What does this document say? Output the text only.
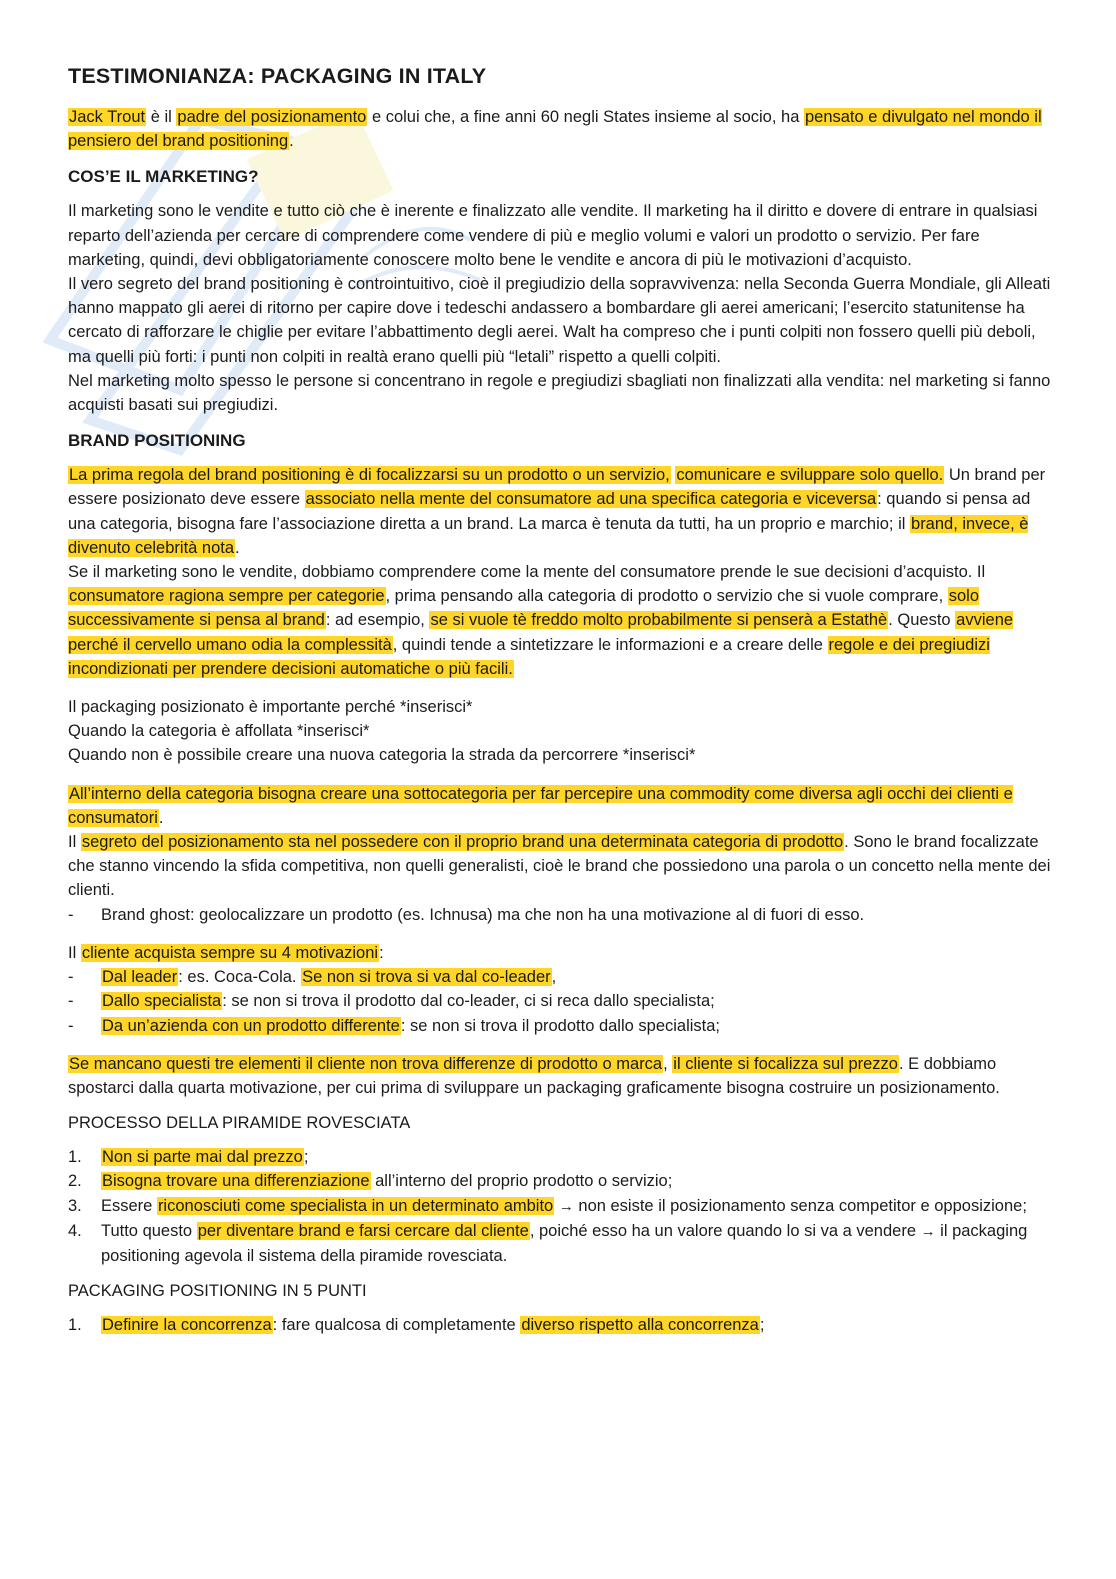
TESTIMONIANZA: PACKAGING IN ITALY

Jack Trout è il padre del posizionamento e colui che, a fine anni 60 negli States insieme al socio, ha pensato e divulgato nel mondo il pensiero del brand positioning.

COS’E IL MARKETING?

Il marketing sono le vendite e tutto ciò che è inerente e finalizzato alle vendite. Il marketing ha il diritto e dovere di entrare in qualsiasi reparto dell’azienda per cercare di comprendere come vendere di più e meglio volumi e valori un prodotto o servizio. Per fare marketing, quindi, devi obbligatoriamente conoscere molto bene le vendite e ancora di più le motivazioni d’acquisto.

Il vero segreto del brand positioning è controintuitivo, cioè il pregiudizio della sopravvivenza: nella Seconda Guerra Mondiale, gli Alleati hanno mappato gli aerei di ritorno per capire dove i tedeschi andassero a bombardare gli aerei americani; l’esercito statunitense ha cercato di rafforzare le chiglie per evitare l’abbattimento degli aerei. Walt ha compreso che i punti colpiti non fossero quelli più deboli, ma quelli più forti: i punti non colpiti in realtà erano quelli più “letali” rispetto a quelli colpiti.

Nel marketing molto spesso le persone si concentrano in regole e pregiudizi sbagliati non finalizzati alla vendita: nel marketing si fanno acquisti basati sui pregiudizi.

BRAND POSITIONING

La prima regola del brand positioning è di focalizzarsi su un prodotto o un servizio, comunicare e sviluppare solo quello. Un brand per essere posizionato deve essere associato nella mente del consumatore ad una specifica categoria e viceversa: quando si pensa ad una categoria, bisogna fare l’associazione diretta a un brand. La marca è tenuta da tutti, ha un proprio e marchio; il brand, invece, è divenuto celebrità nota.

Se il marketing sono le vendite, dobbiamo comprendere come la mente del consumatore prende le sue decisioni d’acquisto. Il consumatore ragiona sempre per categorie, prima pensando alla categoria di prodotto o servizio che si vuole comprare, solo successivamente si pensa al brand: ad esempio, se si vuole tè freddo molto probabilmente si penserà a Estathè. Questo avviene perché il cervello umano odia la complessità, quindi tende a sintetizzare le informazioni e a creare delle regole e dei pregiudizi incondizionati per prendere decisioni automatiche o più facili.

Il packaging posizionato è importante perché *inserisci*

Quando la categoria è affollata *inserisci*

Quando non è possibile creare una nuova categoria la strada da percorrere *inserisci*

All’interno della categoria bisogna creare una sottocategoria per far percepire una commodity come diversa agli occhi dei clienti e consumatori.

Il segreto del posizionamento sta nel possedere con il proprio brand una determinata categoria di prodotto. Sono le brand focalizzate che stanno vincendo la sfida competitiva, non quelli generalisti, cioè le brand che possiedono una parola o un concetto nella mente dei clienti.

- Brand ghost: geolocalizzare un prodotto (es. Ichnusa) ma che non ha una motivazione al di fuori di esso.

Il cliente acquista sempre su 4 motivazioni:

- Dal leader: es. Coca-Cola. Se non si trova si va dal co-leader,
- Dallo specialista: se non si trova il prodotto dal co-leader, ci si reca dallo specialista;
- Da un’azienda con un prodotto differente: se non si trova il prodotto dallo specialista;

Se mancano questi tre elementi il cliente non trova differenze di prodotto o marca, il cliente si focalizza sul prezzo. E dobbiamo spostarci dalla quarta motivazione, per cui prima di sviluppare un packaging graficamente bisogna costruire un posizionamento.

PROCESSO DELLA PIRAMIDE ROVESCIATA
1. Non si parte mai dal prezzo;
2. Bisogna trovare una differenziazione all’interno del proprio prodotto o servizio;
3. Essere riconosciuti come specialista in un determinato ambito → non esiste il posizionamento senza competitor e opposizione;
4. Tutto questo per diventare brand e farsi cercare dal cliente, poiché esso ha un valore quando lo si va a vendere → il packaging positioning agevola il sistema della piramide rovesciata.
PACKAGING POSITIONING IN 5 PUNTI
1. Definire la concorrenza: fare qualcosa di completamente diverso rispetto alla concorrenza;
